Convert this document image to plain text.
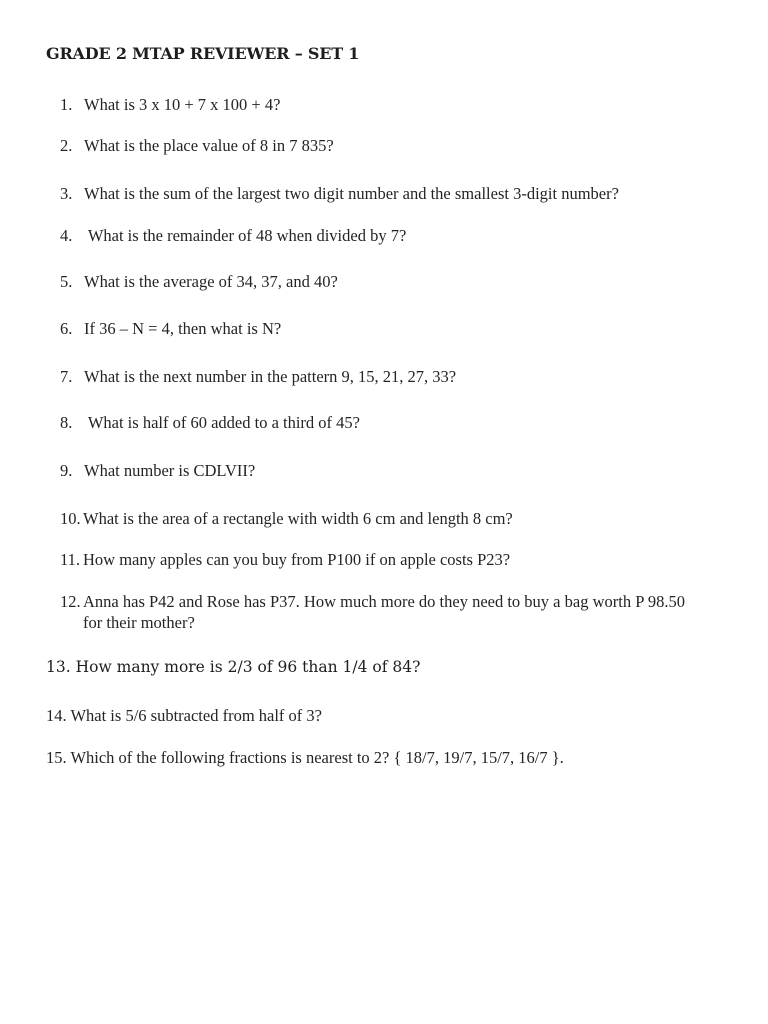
GRADE 2 MTAP REVIEWER – SET 1
1. What is 3 x 10 + 7 x 100 + 4?
2. What is the place value of 8 in 7 835?
3. What is the sum of the largest two digit number and the smallest 3-digit number?
4. What is the remainder of 48 when divided by 7?
5. What is the average of 34, 37, and 40?
6. If 36 – N = 4, then what is N?
7. What is the next number in the pattern 9, 15, 21, 27, 33?
8. What is half of 60 added to a third of 45?
9. What number is CDLVII?
10. What is the area of a rectangle with width 6 cm and length 8 cm?
11. How many apples can you buy from P100 if on apple costs P23?
12. Anna has P42 and Rose has P37. How much more do they need to buy a bag worth P 98.50 for their mother?
13. How many more is 2/3 of 96 than 1/4 of 84?
14. What is 5/6 subtracted from half of 3?
15. Which of the following fractions is nearest to 2? { 18/7, 19/7, 15/7, 16/7 }.
